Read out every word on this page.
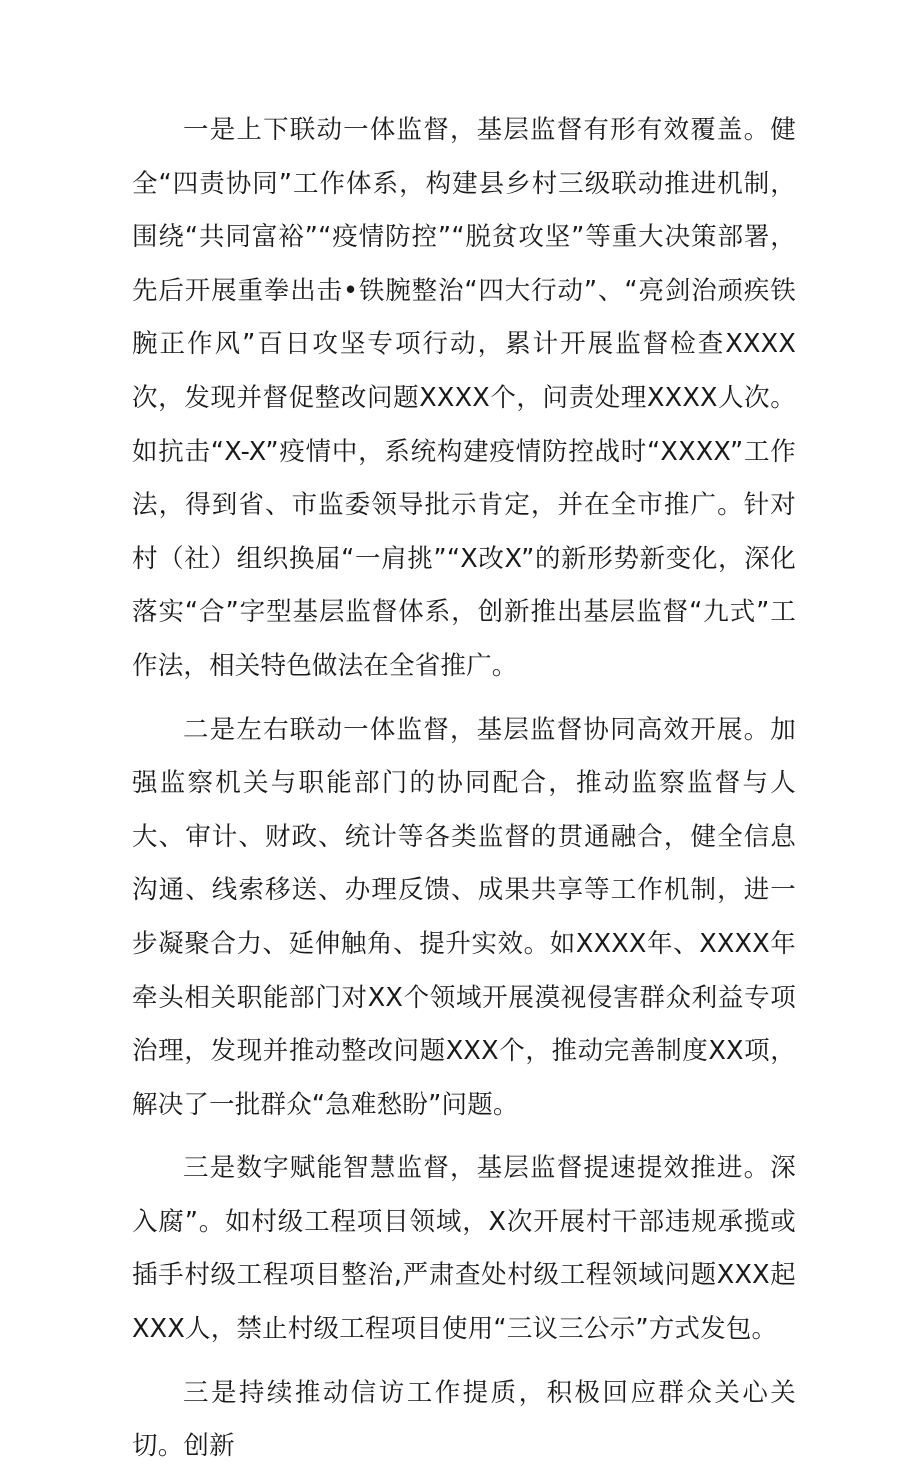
一是上下联动一体监督，基层监督有形有效覆盖。健全“四责协同”工作体系，构建县乡村三级联动推进机制，围绕“共同富裕”“疫情防控”“脱贫攻坚”等重大决策部署，先后开展重拳出击•铁腕整治“四大行动”、“亮剑治顽疾铁腕正作风”百日攻坚专项行动，累计开展监督检查XXXX次，发现并督促整改问题XXXX个，问责处理XXXX人次。如抗击“X-X”疫情中，系统构建疫情防控战时“XXXX”工作法，得到省、市监委领导批示肯定，并在全市推广。针对村（社）组织换届“一肩挑”“X改X”的新形势新变化，深化落实“合”字型基层监督体系，创新推出基层监督“九式”工作法，相关特色做法在全省推广。

二是左右联动一体监督，基层监督协同高效开展。加强监察机关与职能部门的协同配合，推动监察监督与人大、审计、财政、统计等各类监督的贯通融合，健全信息沟通、线索移送、办理反馈、成果共享等工作机制，进一步凝聚合力、延伸触角、提升实效。如XXXX年、XXXX年牵头相关职能部门对XX个领域开展漠视侵害群众利益专项治理，发现并推动整改问题XXX个，推动完善制度XX项，解决了一批群众“急难愁盼”问题。

三是数字赋能智慧监督，基层监督提速提效推进。深入腐”。如村级工程项目领域，X次开展村干部违规承揽或插手村级工程项目整治,严肃查处村级工程领域问题XXX起XXX人，禁止村级工程项目使用“三议三公示”方式发包。

三是持续推动信访工作提质，积极回应群众关心关切。创新
